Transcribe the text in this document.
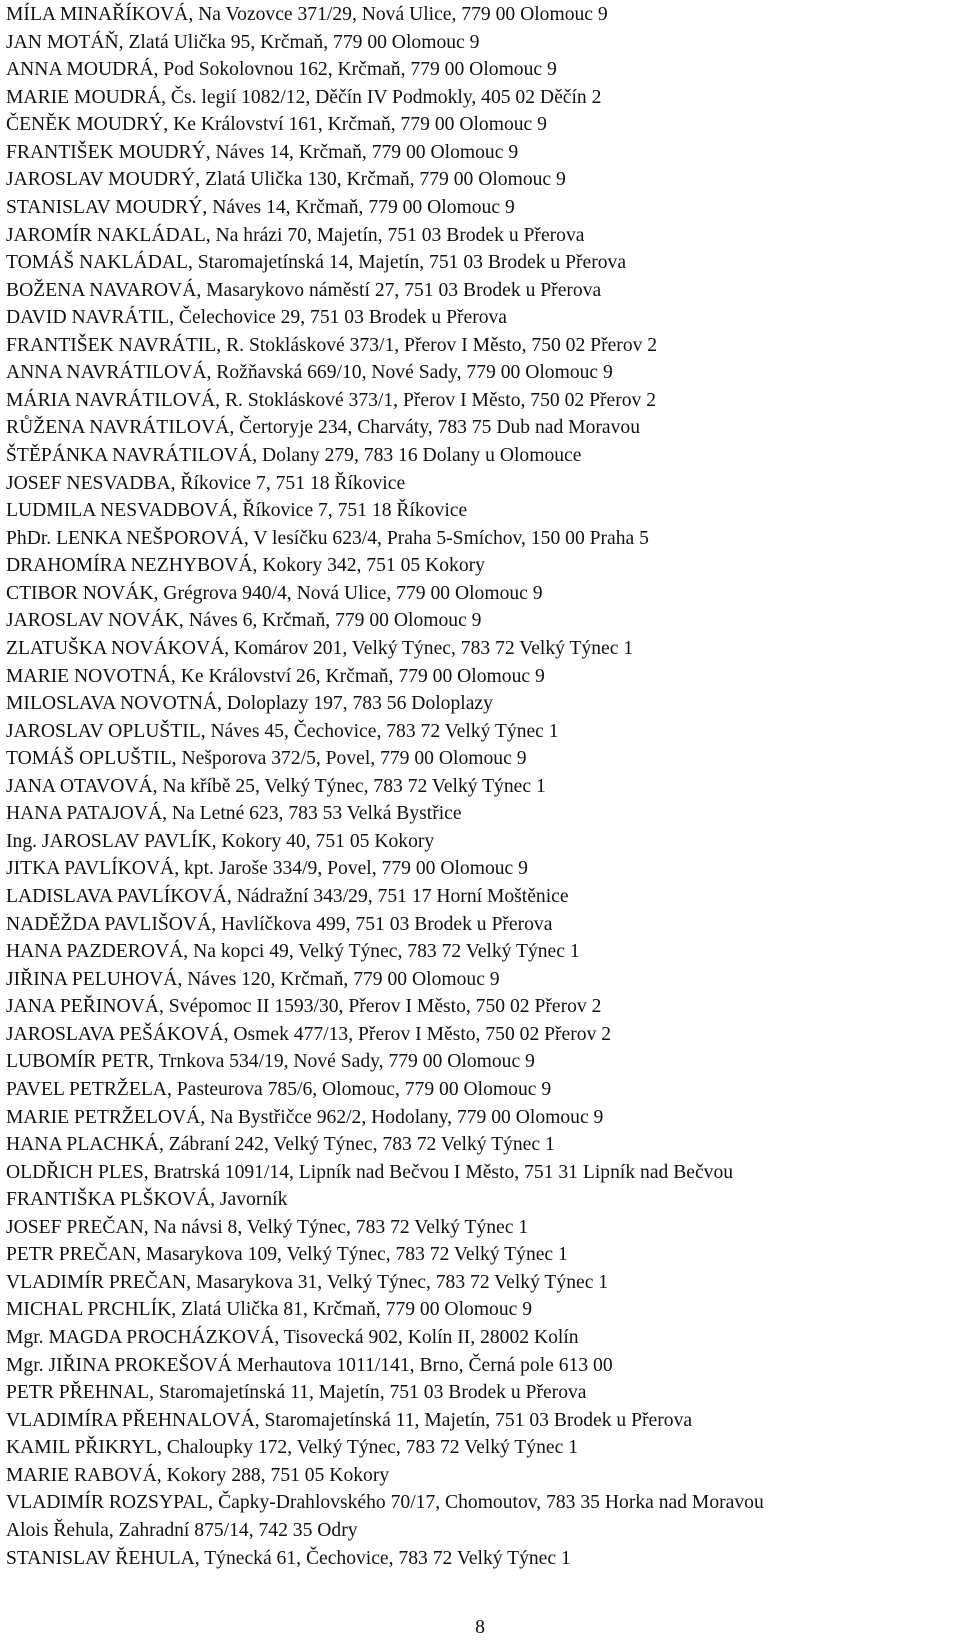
MÍLA MINAŘÍKOVÁ, Na Vozovce 371/29, Nová Ulice, 779 00 Olomouc 9
JAN MOTÁŇ, Zlatá Ulička 95, Krčmaň, 779 00 Olomouc 9
ANNA MOUDRÁ, Pod Sokolovnou 162, Krčmaň, 779 00 Olomouc 9
MARIE MOUDRÁ, Čs. legií 1082/12, Děčín IV Podmokly, 405 02 Děčín 2
ČENĚK MOUDRÝ, Ke Království 161, Krčmaň, 779 00 Olomouc 9
FRANTIŠEK MOUDRÝ, Náves 14, Krčmaň, 779 00 Olomouc 9
JAROSLAV MOUDRÝ, Zlatá Ulička 130, Krčmaň, 779 00 Olomouc 9
STANISLAV MOUDRÝ, Náves 14, Krčmaň, 779 00 Olomouc 9
JAROMÍR NAKLÁDAL, Na hrázi 70, Majetín, 751 03 Brodek u Přerova
TOMÁŠ NAKLÁDAL, Staromajetínská 14, Majetín, 751 03 Brodek u Přerova
BOŽENA NAVAROVÁ, Masarykovo náměstí 27, 751 03 Brodek u Přerova
DAVID NAVRÁTIL, Čelechovice 29, 751 03 Brodek u Přerova
FRANTIŠEK NAVRÁTIL, R. Stokláskové 373/1, Přerov I Město, 750 02 Přerov 2
ANNA NAVRÁTILOVÁ, Rožňavská 669/10, Nové Sady, 779 00 Olomouc 9
MÁRIA NAVRÁTILOVÁ, R. Stokláskové 373/1, Přerov I Město, 750 02 Přerov 2
RŮŽENA NAVRÁTILOVÁ, Čertoryje 234, Charváty, 783 75 Dub nad Moravou
ŠTĚPÁNKA NAVRÁTILOVÁ, Dolany 279, 783 16 Dolany u Olomouce
JOSEF NESVADBA, Říkovice 7, 751 18 Říkovice
LUDMILA NESVADBOVÁ, Říkovice 7, 751 18 Říkovice
PhDr. LENKA NEŠPOROVÁ, V lesíčku 623/4, Praha 5-Smíchov, 150 00 Praha 5
DRAHOMÍRA NEZHYBOVÁ, Kokory 342, 751 05 Kokory
CTIBOR NOVÁK, Grégrova 940/4, Nová Ulice, 779 00 Olomouc 9
JAROSLAV NOVÁK, Náves 6, Krčmaň, 779 00 Olomouc 9
ZLATUŠKA NOVÁKOVÁ, Komárov 201, Velký Týnec, 783 72 Velký Týnec 1
MARIE NOVOTNÁ, Ke Království 26, Krčmaň, 779 00 Olomouc 9
MILOSLAVA NOVOTNÁ, Doloplazy 197, 783 56 Doloplazy
JAROSLAV OPLUŠTIL, Náves 45, Čechovice, 783 72 Velký Týnec 1
TOMÁŠ OPLUŠTIL, Nešporova 372/5, Povel, 779 00 Olomouc 9
JANA OTAVOVÁ, Na kříbě 25, Velký Týnec, 783 72 Velký Týnec 1
HANA PATAJOVÁ, Na Letné 623, 783 53 Velká Bystřice
Ing. JAROSLAV PAVLÍK, Kokory 40, 751 05 Kokory
JITKA PAVLÍKOVÁ, kpt. Jaroše 334/9, Povel, 779 00 Olomouc 9
LADISLAVA PAVLÍKOVÁ, Nádražní 343/29, 751 17 Horní Moštěnice
NADĚŽDA PAVLIŠOVÁ, Havlíčkova 499, 751 03 Brodek u Přerova
HANA PAZDEROVÁ, Na kopci 49, Velký Týnec, 783 72 Velký Týnec 1
JIŘINA PELUHOVÁ, Náves 120, Krčmaň, 779 00 Olomouc 9
JANA PEŘINOVÁ, Svépomoc II 1593/30, Přerov I Město, 750 02 Přerov 2
JAROSLAVA PEŠÁKOVÁ, Osmek 477/13, Přerov I Město, 750 02 Přerov 2
LUBOMÍR PETR, Trnkova 534/19, Nové Sady, 779 00 Olomouc 9
PAVEL PETRŽELA, Pasteurova 785/6, Olomouc, 779 00 Olomouc 9
MARIE PETRŽELOVÁ, Na Bystřičce 962/2, Hodolany, 779 00 Olomouc 9
HANA PLACHKÁ, Zábraní 242, Velký Týnec, 783 72 Velký Týnec 1
OLDŘICH PLES, Bratrská 1091/14, Lipník nad Bečvou I Město, 751 31 Lipník nad Bečvou
FRANTIŠKA PLŠKOVÁ, Javorník
JOSEF PREČAN, Na návsi 8, Velký Týnec, 783 72 Velký Týnec 1
PETR PREČAN, Masarykova 109, Velký Týnec, 783 72 Velký Týnec 1
VLADIMÍR PREČAN, Masarykova 31, Velký Týnec, 783 72 Velký Týnec 1
MICHAL PRCHLÍK, Zlatá Ulička 81, Krčmaň, 779 00 Olomouc 9
Mgr. MAGDA PROCHÁZKOVÁ, Tisovecká 902, Kolín II, 28002 Kolín
Mgr. JIŘINA PROKEŠOVÁ Merhautova 1011/141, Brno, Černá pole 613 00
PETR PŘEHNAL, Staromajetínská 11, Majetín, 751 03 Brodek u Přerova
VLADIMÍRA PŘEHNALOVÁ, Staromajetínská 11, Majetín, 751 03 Brodek u Přerova
KAMIL PŘIKRYL, Chaloupky 172, Velký Týnec, 783 72 Velký Týnec 1
MARIE RABOVÁ, Kokory 288, 751 05 Kokory
VLADIMÍR ROZSYPAL, Čapky-Drahlovského 70/17, Chomoutov, 783 35 Horka nad Moravou
Alois Řehula, Zahradní 875/14, 742 35 Odry
STANISLAV ŘEHULA, Týnecká 61, Čechovice, 783 72 Velký Týnec 1
8
